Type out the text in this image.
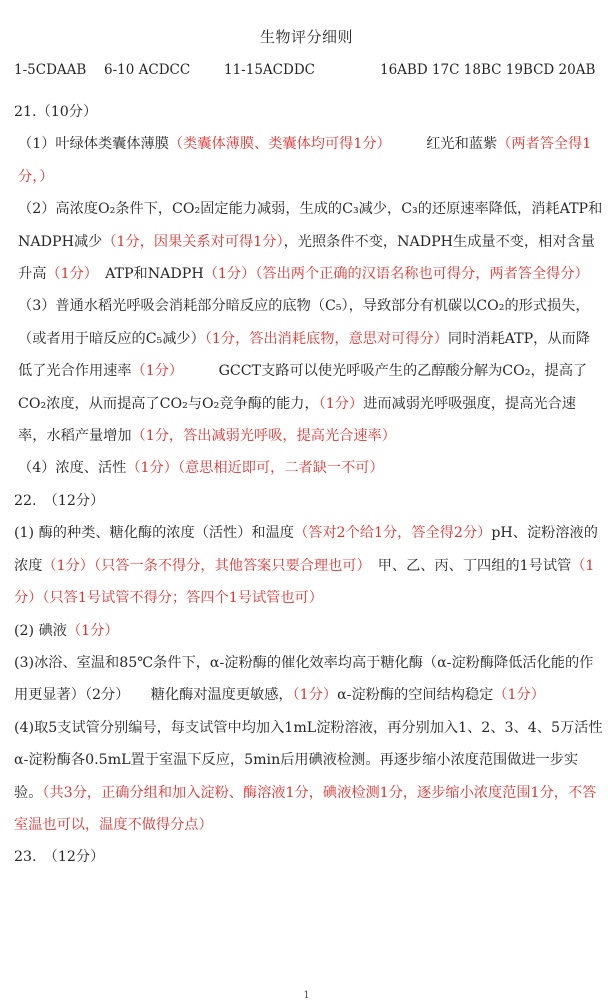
生物评分细则
1-5CDAAB 6-10 ACDCC	11-15ACDDC	16ABD 17C 18BC 19BCD 20AB

21.（10分）

（1）叶绿体类囊体薄膜（类囊体薄膜、类囊体均可得1分）　　　红光和蓝紫（两者答全得1分，）

（2）高浓度O₂条件下，CO₂固定能力减弱，生成的C₃减少，C₃的还原速率降低，消耗ATP和NADPH减少（1分，因果关系对可得1分），光照条件不变，NADPH生成量不变，相对含量升高（1分）　ATP和NADPH（1分）（答出两个正确的汉语名称也可得分，两者答全得分）

（3）普通水稻光呼吸会消耗部分暗反应的底物（C₅），导致部分有机碳以CO₂的形式损失，（或者用于暗反应的C₅减少）（1分，答出消耗底物，意思对可得分）同时消耗ATP，从而降低了光合作用速率（1分）　　　GCCT支路可以使光呼吸产生的乙醇酸分解为CO₂，提高了CO₂浓度，从而提高了CO₂与O₂竞争酶的能力，（1分）进而减弱光呼吸强度，提高光合速率，水稻产量增加（1分，答出减弱光呼吸，提高光合速率）

（4）浓度、活性（1分）（意思相近即可，二者缺一不可）

22.　（12分）

(1) 酶的种类、糖化酶的浓度（活性）和温度（答对2个给1分，答全得2分）pH、淀粉溶液的浓度（1分）（只答一条不得分，其他答案只要合理也可）　甲、乙、丙、丁四组的1号试管（1分）（只答1号试管不得分；答四个1号试管也可）

(2) 碘液（1分）

(3)冰浴、室温和85℃条件下，α-淀粉酶的催化效率均高于糖化酶（α-淀粉酶降低活化能的作用更显著）（2分）　　糖化酶对温度更敏感，（1分）α-淀粉酶的空间结构稳定（1分）

(4)取5支试管分别编号，每支试管中均加入1mL淀粉溶液，再分别加入1、2、3、4、5万活性α-淀粉酶各0.5mL置于室温下反应，5min后用碘液检测。再逐步缩小浓度范围做进一步实验。（共3分，正确分组和加入淀粉、酶溶液1分，碘液检测1分，逐步缩小浓度范围1分，不答室温也可以，温度不做得分点）

23.　（12分）

1
